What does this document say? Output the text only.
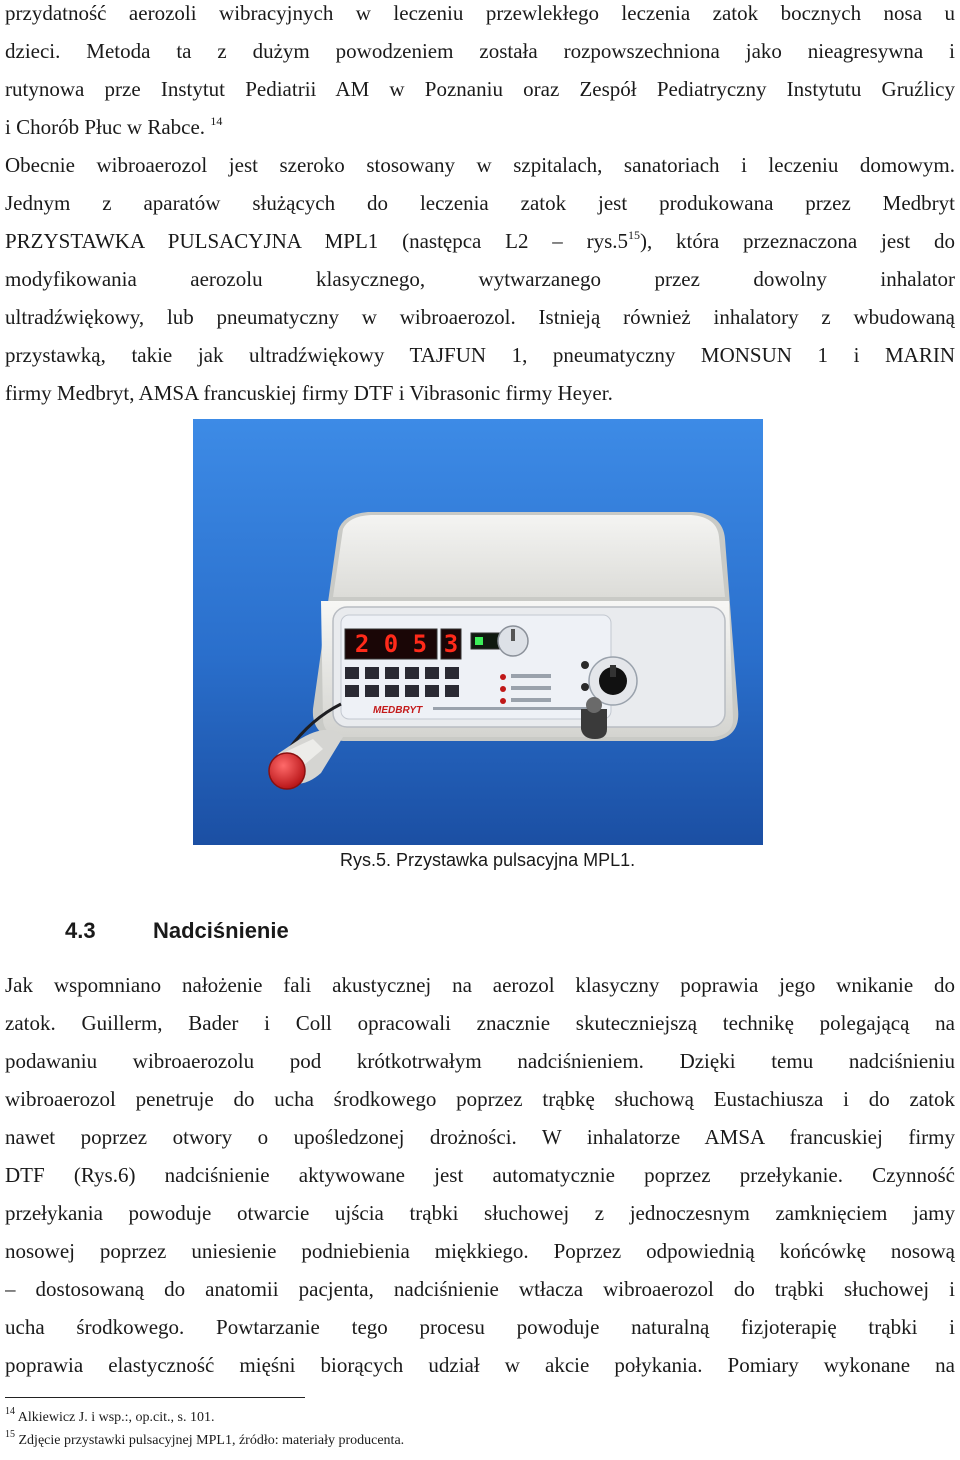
przydatność aerozoli wibracyjnych w leczeniu przewlekłego leczenia zatok bocznych nosa u
dzieci. Metoda ta z dużym powodzeniem została rozpowszechniona jako nieagresywna i
rutynowa prze Instytut Pediatrii AM w Poznaniu oraz Zespół Pediatryczny Instytutu Gruźlicy
i Chorób Płuc w Rabce. $^{14}$
Obecnie wibroaerozol jest szeroko stosowany w szpitalach, sanatoriach i leczeniu domowym.
Jednym z aparatów służących do leczenia zatok jest produkowana przez Medbryt
PRZYSTAWKA PULSACYJNA MPL1 (następca $L2 - rys.5^{15}$), która przeznaczona jest do
modyfikowania aerozolu klasycznego, wytwarzanego przez dowolny inhalator
ultradźwiękowy, lub pneumatyczny w wibroaerozol. Istnieją również inhalatory z wbudowaną
przystawką, takie jak ultradźwiękowy TAJFUN 1, pneumatyczny MONSUN 1 i MARIN
firmy Medbryt, AMSA francuskiej firmy DTF i Vibrasonic firmy Heyer.
2 0 5 3
MEDBRYT
Rys.5. Przystawka pulsacyjna MPL1.
4.3	Nadciśnienie
Jak wspomniano nałożenie fali akustycznej na aerozol klasyczny poprawia jego wnikanie do
zatok. Guillerm, Bader i Coll opracowali znacznie skuteczniejszą technikę polegającą na
podawaniu wibroaerozolu pod krótkotrwałym nadciśnieniem. Dzięki temu nadciśnieniu
wibroaerozol penetruje do ucha środkowego poprzez trąbkę słuchową Eustachiusza i do zatok
nawet poprzez otwory o upośledzonej drożności. W inhalatorze AMSA francuskiej firmy
DTF (Rys.6) nadciśnienie aktywowane jest automatycznie poprzez przełykanie. Czynność
przełykania powoduje otwarcie ujścia trąbki słuchowej z jednoczesnym zamknięciem jamy
nosowej poprzez uniesienie podniebienia miękkiego. Poprzez odpowiednią końcówkę nosową
– dostosowaną do anatomii pacjenta, nadciśnienie wtłacza wibroaerozol do trąbki słuchowej i
ucha środkowego. Powtarzanie tego procesu powoduje naturalną fizjoterapię trąbki i
poprawia elastyczność mięśni biorących udział w akcie połykania. Pomiary wykonane na
$^{14}$ Alkiewicz J. i wsp.:, op.cit., s. 101.
$^{15}$ Zdjęcie przystawki pulsacyjnej MPL1, źródło: materiały producenta.
